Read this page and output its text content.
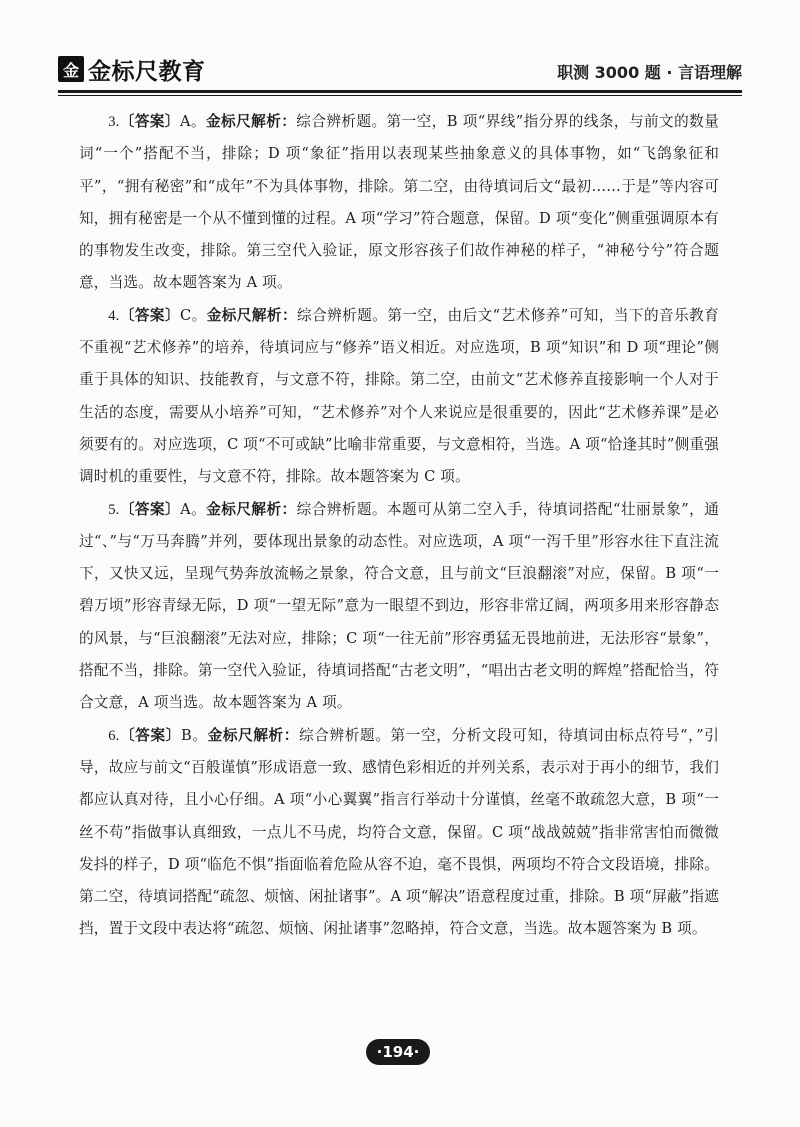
金 金标尺教育	职测 3000 题 · 言语理解

3.〔答案〕A。金标尺解析：综合辨析题。第一空，B 项“界线”指分界的线条，与前文的数量词“一个”搭配不当，排除；D 项“象征”指用以表现某些抽象意义的具体事物，如“飞鸽象征和平”，“拥有秘密”和“成年”不为具体事物，排除。第二空，由待填词后文“最初……于是”等内容可知，拥有秘密是一个从不懂到懂的过程。A 项“学习”符合题意，保留。D 项“变化”侧重强调原本有的事物发生改变，排除。第三空代入验证，原文形容孩子们故作神秘的样子，“神秘兮兮”符合题意，当选。故本题答案为 A 项。

4.〔答案〕C。金标尺解析：综合辨析题。第一空，由后文“艺术修养”可知，当下的音乐教育不重视“艺术修养”的培养，待填词应与“修养”语义相近。对应选项，B 项“知识”和 D 项“理论”侧重于具体的知识、技能教育，与文意不符，排除。第二空，由前文“艺术修养直接影响一个人对于生活的态度，需要从小培养”可知，“艺术修养”对个人来说应是很重要的，因此“艺术修养课”是必须要有的。对应选项，C 项“不可或缺”比喻非常重要，与文意相符，当选。A 项“恰逢其时”侧重强调时机的重要性，与文意不符，排除。故本题答案为 C 项。

5.〔答案〕A。金标尺解析：综合辨析题。本题可从第二空入手，待填词搭配“壮丽景象”，通过“、”与“万马奔腾”并列，要体现出景象的动态性。对应选项，A 项“一泻千里”形容水往下直注流下，又快又远，呈现气势奔放流畅之景象，符合文意，且与前文“巨浪翻滚”对应，保留。B 项“一碧万顷”形容青绿无际，D 项“一望无际”意为一眼望不到边，形容非常辽阔，两项多用来形容静态的风景，与“巨浪翻滚”无法对应，排除；C 项“一往无前”形容勇猛无畏地前进，无法形容“景象”，搭配不当，排除。第一空代入验证，待填词搭配“古老文明”，“唱出古老文明的辉煌”搭配恰当，符合文意，A 项当选。故本题答案为 A 项。

6.〔答案〕B。金标尺解析：综合辨析题。第一空，分析文段可知，待填词由标点符号“，”引导，故应与前文“百般谨慎”形成语意一致、感情色彩相近的并列关系，表示对于再小的细节，我们都应认真对待，且小心仔细。A 项“小心翼翼”指言行举动十分谨慎，丝毫不敢疏忽大意，B 项“一丝不苟”指做事认真细致，一点儿不马虎，均符合文意，保留。C 项“战战兢兢”指非常害怕而微微发抖的样子，D 项“临危不惧”指面临着危险从容不迫，毫不畏惧，两项均不符合文段语境，排除。第二空，待填词搭配“疏忽、烦恼、闲扯诸事”。A 项“解决”语意程度过重，排除。B 项“屏蔽”指遮挡，置于文段中表达将“疏忽、烦恼、闲扯诸事”忽略掉，符合文意，当选。故本题答案为 B 项。

·194·
